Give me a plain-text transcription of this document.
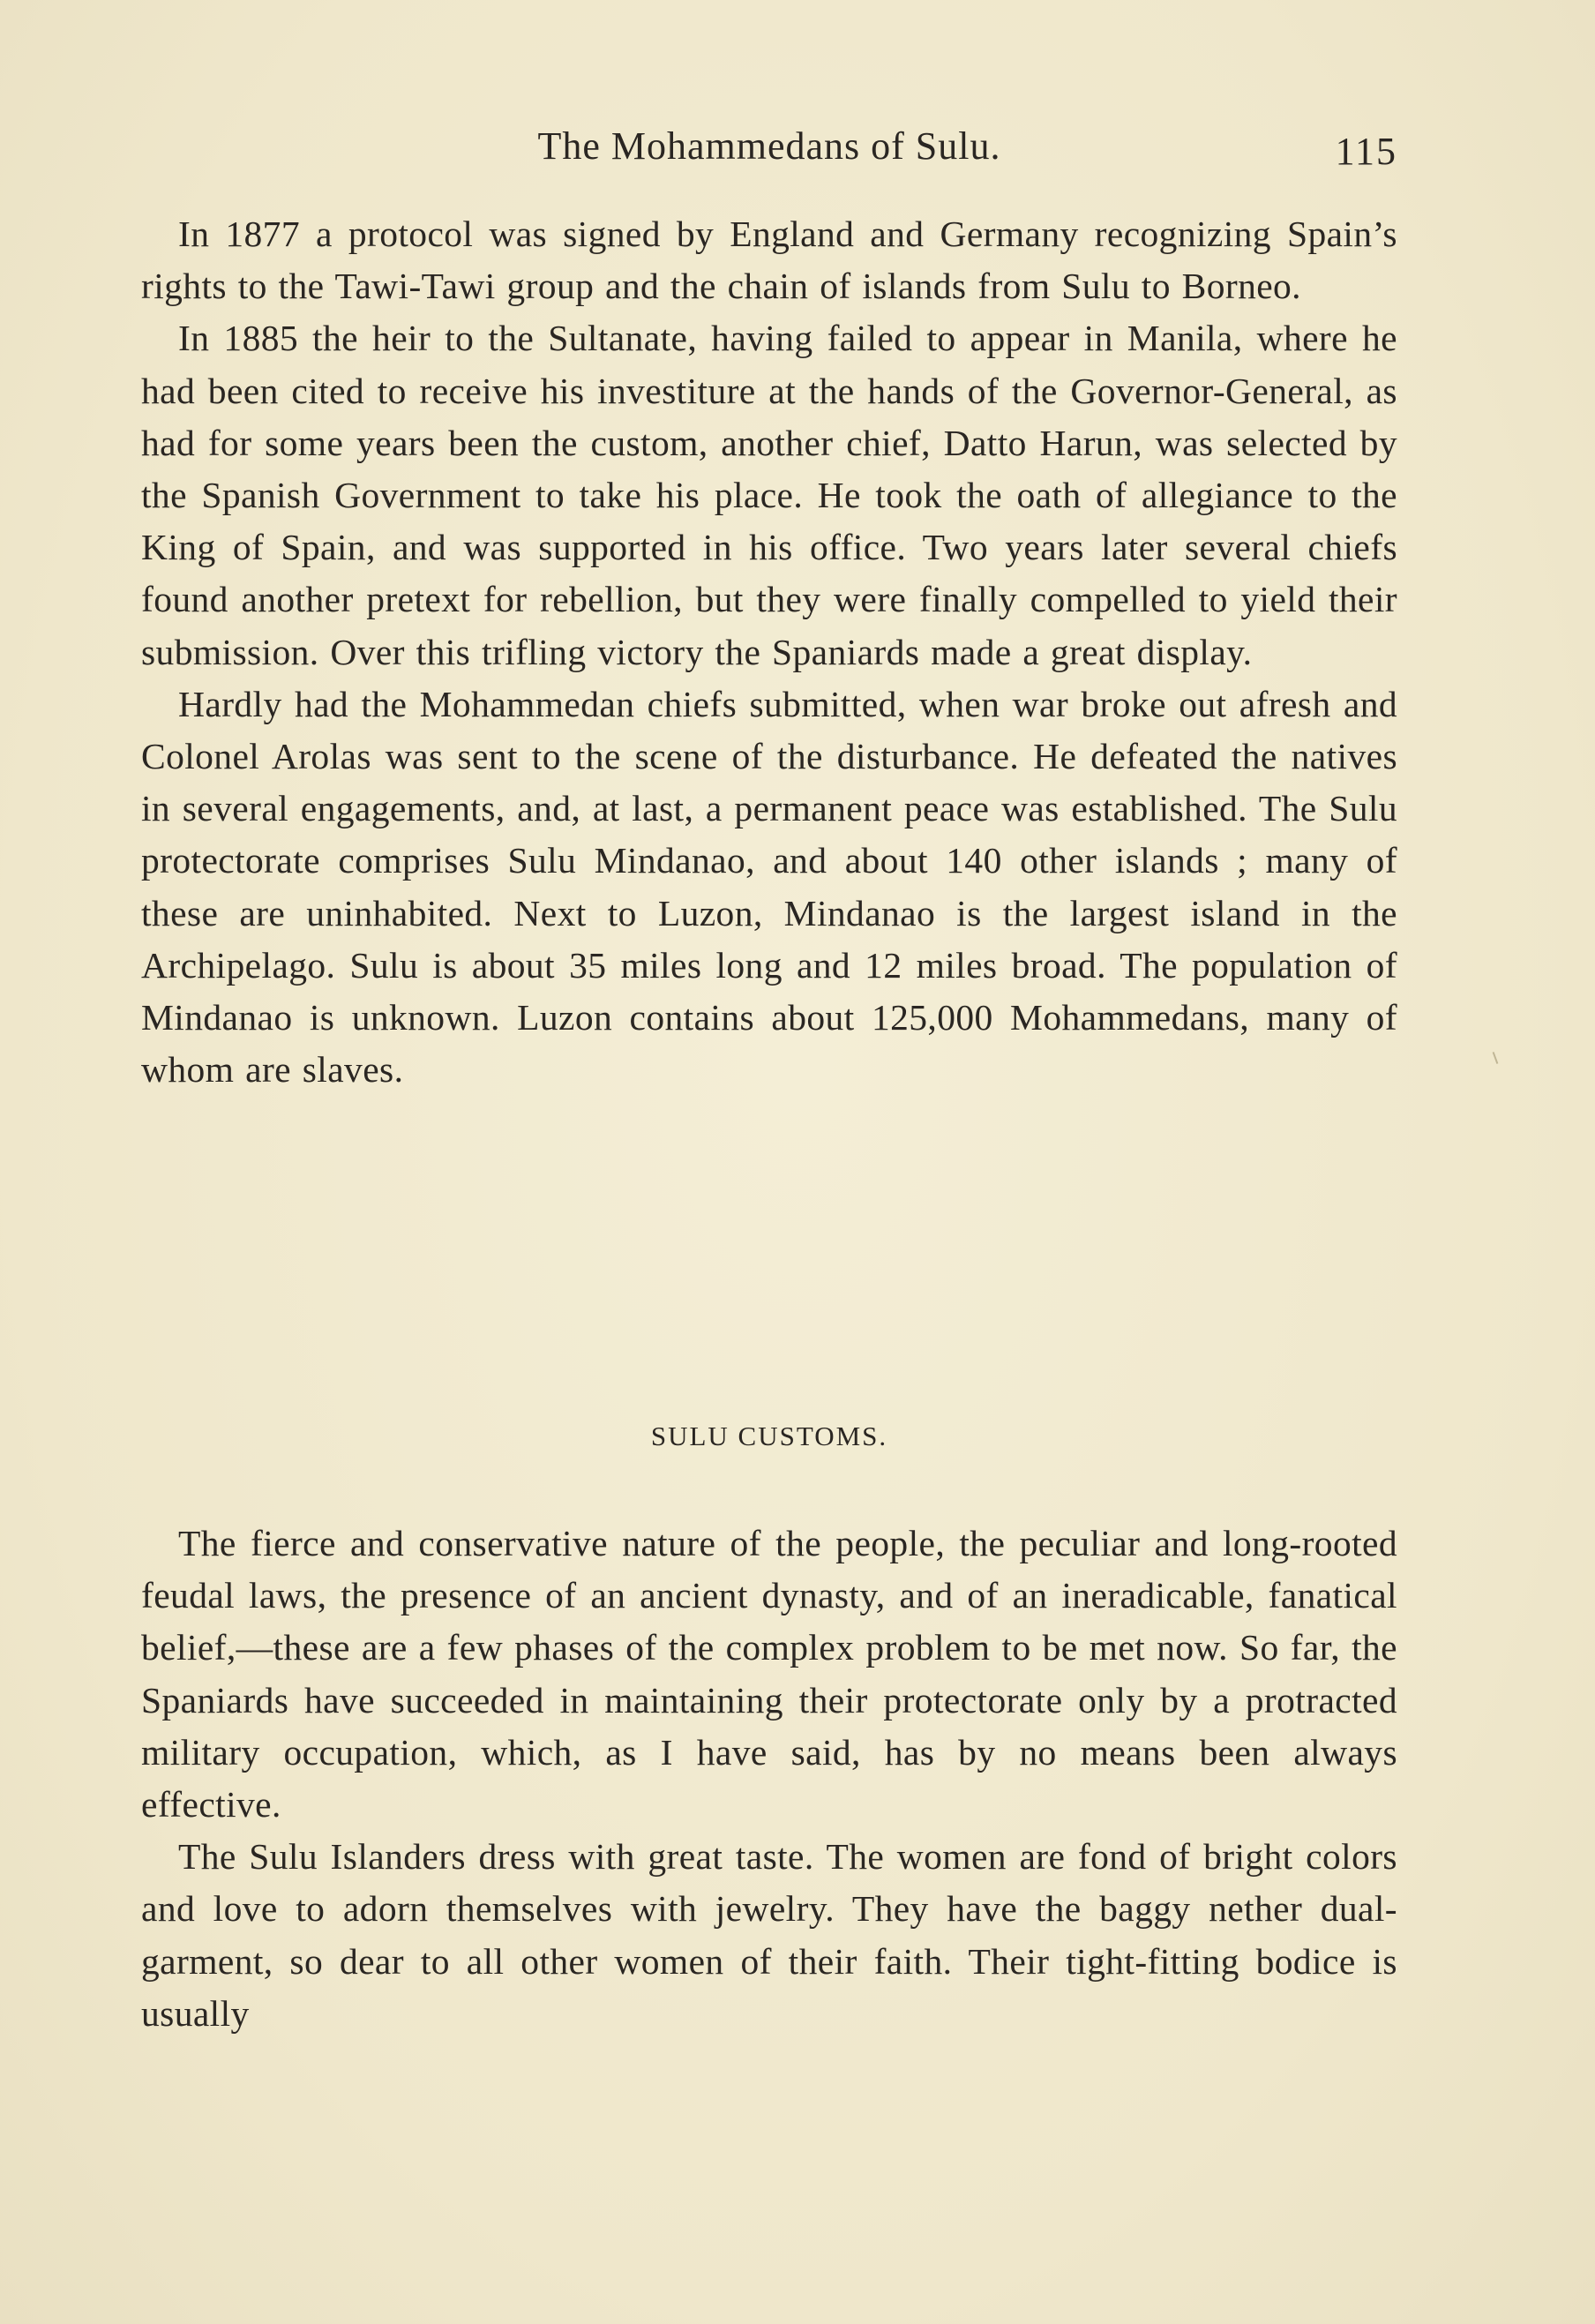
The Mohammedans of Sulu.	115

In 1877 a protocol was signed by England and Germany recognizing Spain’s rights to the Tawi-Tawi group and the chain of islands from Sulu to Borneo.

In 1885 the heir to the Sultanate, having failed to appear in Manila, where he had been cited to receive his investiture at the hands of the Governor-General, as had for some years been the custom, another chief, Datto Harun, was selected by the Spanish Government to take his place. He took the oath of allegiance to the King of Spain, and was supported in his office. Two years later several chiefs found another pretext for rebellion, but they were finally compelled to yield their submission. Over this trifling victory the Spaniards made a great display.

Hardly had the Mohammedan chiefs submitted, when war broke out afresh and Colonel Arolas was sent to the scene of the disturbance. He defeated the natives in several engagements, and, at last, a permanent peace was established. The Sulu protectorate comprises Sulu Mindanao, and about 140 other islands ; many of these are uninhabited. Next to Luzon, Mindanao is the largest island in the Archipelago. Sulu is about 35 miles long and 12 miles broad. The population of Mindanao is unknown. Luzon contains about 125,000 Mohammedans, many of whom are slaves.

SULU CUSTOMS.

The fierce and conservative nature of the people, the peculiar and long-rooted feudal laws, the presence of an ancient dynasty, and of an ineradicable, fanatical belief,—these are a few phases of the complex problem to be met now. So far, the Spaniards have succeeded in maintaining their protectorate only by a protracted military occupation, which, as I have said, has by no means been always effective.

The Sulu Islanders dress with great taste. The women are fond of bright colors and love to adorn themselves with jewelry. They have the baggy nether dual-garment, so dear to all other women of their faith. Their tight-fitting bodice is usually
